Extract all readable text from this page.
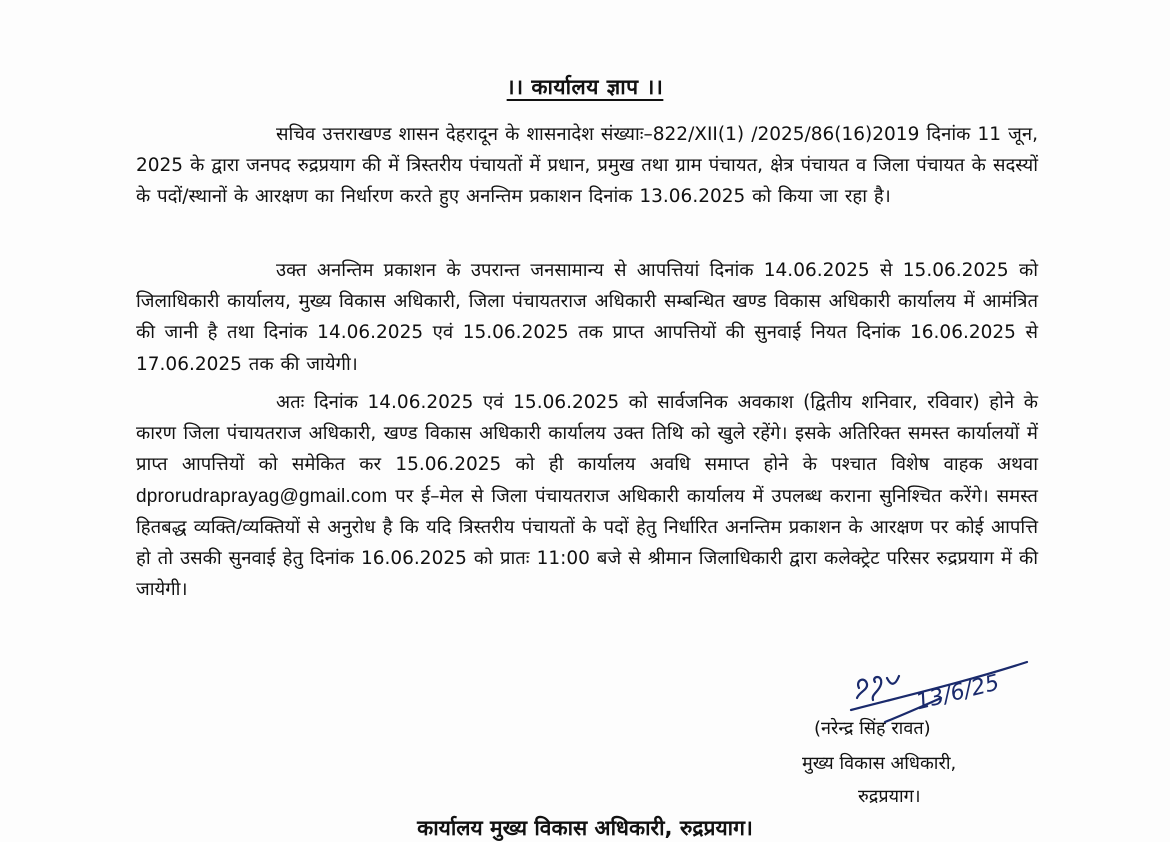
।। कार्यालय ज्ञाप ।।
सचिव उत्तराखण्ड शासन देहरादून के शासनादेश संख्याः–822/XII(1) /2025/86(16)2019 दिनांक 11 जून, 2025 के द्वारा जनपद रुद्रप्रयाग की में त्रिस्तरीय पंचायतों में प्रधान, प्रमुख तथा ग्राम पंचायत, क्षेत्र पंचायत व जिला पंचायत के सदस्यों के पदों/स्थानों के आरक्षण का निर्धारण करते हुए अनन्तिम प्रकाशन दिनांक 13.06.2025 को किया जा रहा है।
उक्त अनन्तिम प्रकाशन के उपरान्त जनसामान्य से आपत्तियां दिनांक 14.06.2025 से 15.06.2025 को जिलाधिकारी कार्यालय, मुख्य विकास अधिकारी, जिला पंचायतराज अधिकारी सम्बन्धित खण्ड विकास अधिकारी कार्यालय में आमंत्रित की जानी है तथा दिनांक 14.06.2025 एवं 15.06.2025 तक प्राप्त आपत्तियों की सुनवाई नियत दिनांक 16.06.2025 से 17.06.2025 तक की जायेगी।
अतः दिनांक 14.06.2025 एवं 15.06.2025 को सार्वजनिक अवकाश (द्वितीय शनिवार, रविवार) होने के कारण जिला पंचायतराज अधिकारी, खण्ड विकास अधिकारी कार्यालय उक्त तिथि को खुले रहेंगे। इसके अतिरिक्त समस्त कार्यालयों में प्राप्त आपत्तियों को समेकित कर 15.06.2025 को ही कार्यालय अवधि समाप्त होने के पश्चात विशेष वाहक अथवा dprorudraprayag@gmail.com पर ई–मेल से जिला पंचायतराज अधिकारी कार्यालय में उपलब्ध कराना सुनिश्चित करेंगे। समस्त हितबद्ध व्यक्ति/व्यक्तियों से अनुरोध है कि यदि त्रिस्तरीय पंचायतों के पदों हेतु निर्धारित अनन्तिम प्रकाशन के आरक्षण पर कोई आपत्ति हो तो उसकी सुनवाई हेतु दिनांक 16.06.2025 को प्रातः 11:00 बजे से श्रीमान जिलाधिकारी द्वारा कलेक्ट्रेट परिसर रुद्रप्रयाग में की जायेगी।
13/6/25
(नरेन्द्र सिंह रावत)
मुख्य विकास अधिकारी,
रुद्रप्रयाग।
कार्यालय मुख्य विकास अधिकारी, रुद्रप्रयाग।
